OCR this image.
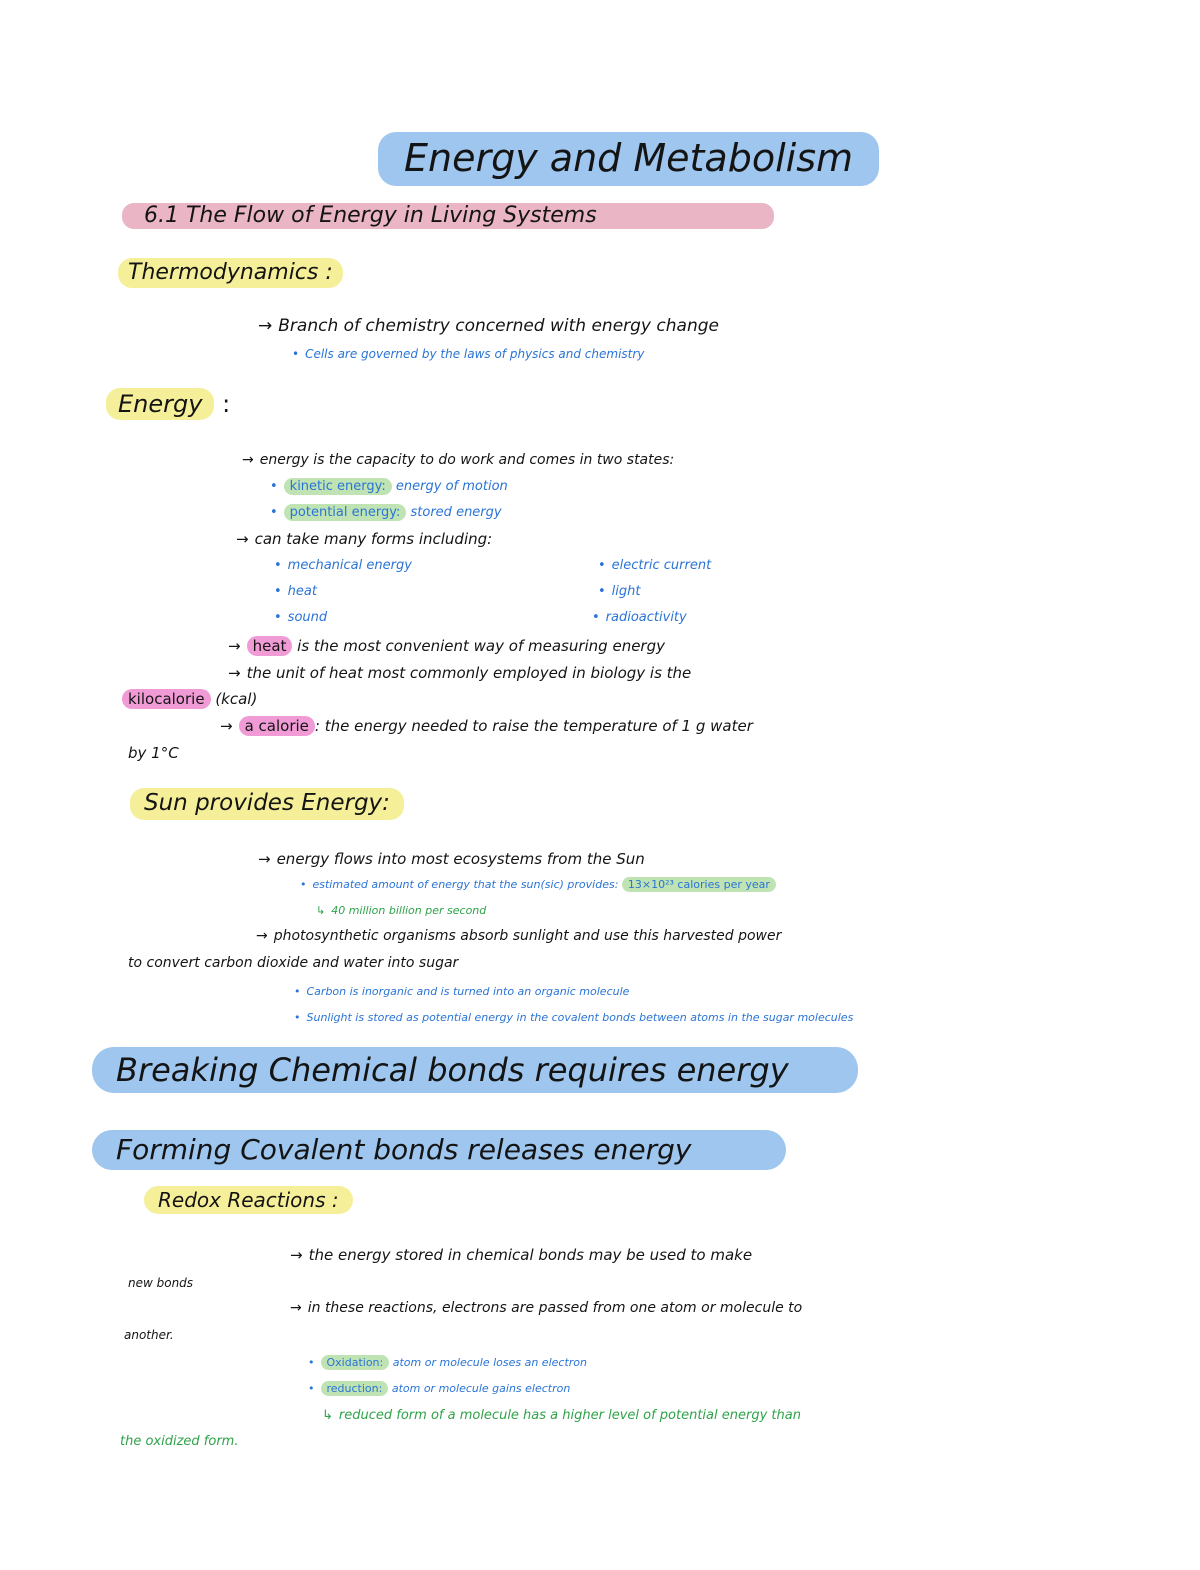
Energy and Metabolism
6.1 The Flow of Energy in Living Systems
Thermodynamics :
→ Branch of chemistry concerned with energy change
• Cells are governed by the laws of physics and chemistry
Energy :
→ energy is the capacity to do work and comes in two states:
• kinetic energy: energy of motion
• potential energy: stored energy
→ can take many forms including:
• mechanical energy
• heat
• sound
• electric current
• light
• radioactivity
→ heat is the most convenient way of measuring energy
→ the unit of heat most commonly employed in biology is the
kilocalorie (kcal)
→ a calorie : the energy needed to raise the temperature of 1 g water
by 1°C
Sun provides Energy:
→ energy flows into most ecosystems from the Sun
• estimated amount of energy that the sun(sic) provides: 13×10²³ calories per year
↳ 40 million billion per second
→ photosynthetic organisms absorb sunlight and use this harvested power
to convert carbon dioxide and water into sugar
• Carbon is inorganic and is turned into an organic molecule
• Sunlight is stored as potential energy in the covalent bonds between atoms in the sugar molecules
Breaking Chemical bonds requires energy
Forming Covalent bonds releases energy
Redox Reactions :
→ the energy stored in chemical bonds may be used to make
new bonds
→ in these reactions, electrons are passed from one atom or molecule to
another.
• Oxidation: atom or molecule loses an electron
• reduction: atom or molecule gains electron
↳ reduced form of a molecule has a higher level of potential energy than
the oxidized form.
